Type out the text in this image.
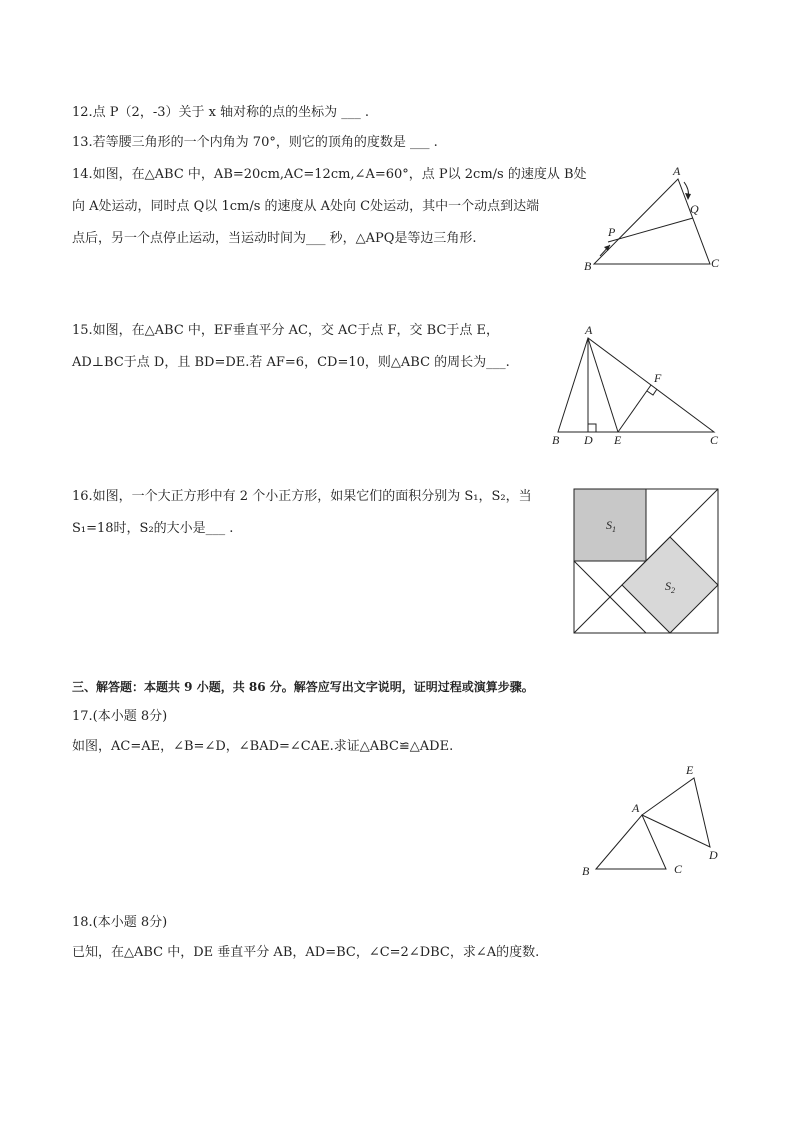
12.点 P（2，-3）关于 x 轴对称的点的坐标为 ___ .
13.若等腰三角形的一个内角为 70°，则它的顶角的度数是 ___ .
14.如图，在△ABC 中，AB=20cm,AC=12cm,∠A=60°，点 P以 2cm/s 的速度从 B处
向 A处运动，同时点 Q以 1cm/s 的速度从 A处向 C处运动，其中一个动点到达端
点后，另一个点停止运动，当运动时间为___ 秒，△APQ是等边三角形.
A
B	C
P
Q
15.如图，在△ABC 中，EF垂直平分 AC，交 AC于点 F，交 BC于点 E，
AD⊥BC于点 D，且 BD=DE.若 AF=6，CD=10，则△ABC 的周长为___.
A
B D E
F
C
16.如图，一个大正方形中有 2 个小正方形，如果它们的面积分别为 S₁，S₂，当
S₁=18时，S₂的大小是___ .	$S_1$
$S_2$
三、解答题：本题共 9 小题，共 86 分。解答应写出文字说明，证明过程或演算步骤。
17.(本小题 8分)
如图，AC=AE，∠B=∠D，∠BAD=∠CAE.求证△ABC≌△ADE.
A
B	C
D
E
18.(本小题 8分)
已知，在△ABC 中，DE 垂直平分 AB，AD=BC，∠C=2∠DBC，求∠A的度数.
